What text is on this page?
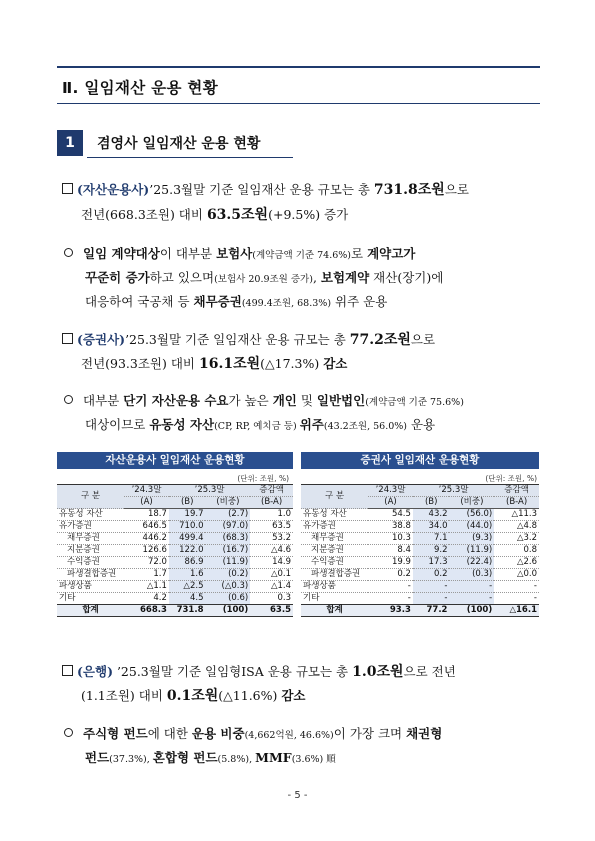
Ⅱ. 일임재산 운용 현황
1	겸영사 일임재산 운용 현황
(자산운용사)’25.3월말 기준 일임재산 운용 규모는 총 731.8조원으로
전년(668.3조원) 대비 63.5조원(+9.5%) 증가
일임 계약대상이 대부분 보험사(계약금액 기준 74.6%)로 계약고가
꾸준히 증가하고 있으며(보험사 20.9조원 증가), 보험계약 재산(장기)에
대응하여 국공채 등 채무증권(499.4조원, 68.3%) 위주 운용
(증권사)’25.3월말 기준 일임재산 운용 규모는 총 77.2조원으로
전년(93.3조원) 대비 16.1조원(△17.3%) 감소
대부분 단기 자산운용 수요가 높은 개인 및 일반법인(계약금액 기준 75.6%)
대상이므로 유동성 자산(CP, RP, 예치금 등) 위주(43.2조원, 56.0%) 운용
자산운용사 일임재산 운용현황	증권사 일임재산 운용현황
(단위: 조원, %)	(단위: 조원, %)
구 분	’24.3말	’25.3말		증감액
	(A)	(B)	(비중)	(B-A)
유동성 자산	18.7	19.7	(2.7)	1.0
유가증권	646.5	710.0	(97.0)	63.5
채무증권	446.2	499.4	(68.3)	53.2
지분증권	126.6	122.0	(16.7)	△4.6
수익증권	72.0	86.9	(11.9)	14.9
파생결합증권	1.7	1.6	(0.2)	△0.1
파생상품	△1.1	△2.5	(△0.3)	△1.4
기타	4.2	4.5	(0.6)	0.3
합계	668.3	731.8	(100)	63.5
구 분	’24.3말	’25.3말		증감액
	(A)	(B)	(비중)	(B-A)
유동성 자산	54.5	43.2	(56.0)	△11.3
유가증권	38.8	34.0	(44.0)	△4.8
채무증권	10.3	7.1	(9.3)	△3.2
지분증권	8.4	9.2	(11.9)	0.8
수익증권	19.9	17.3	(22.4)	△2.6
파생결합증권	0.2	0.2	(0.3)	△0.0
파생상품	-	-	-	-
기타	-	-	-	-
합계	93.3	77.2	(100)	△16.1
(은행) ’25.3월말 기준 일임형ISA 운용 규모는 총 1.0조원으로 전년
(1.1조원) 대비 0.1조원(△11.6%) 감소
주식형 펀드에 대한 운용 비중(4,662억원, 46.6%)이 가장 크며 채권형
펀드(37.3%), 혼합형 펀드(5.8%), MMF(3.6%) 順
- 5 -
